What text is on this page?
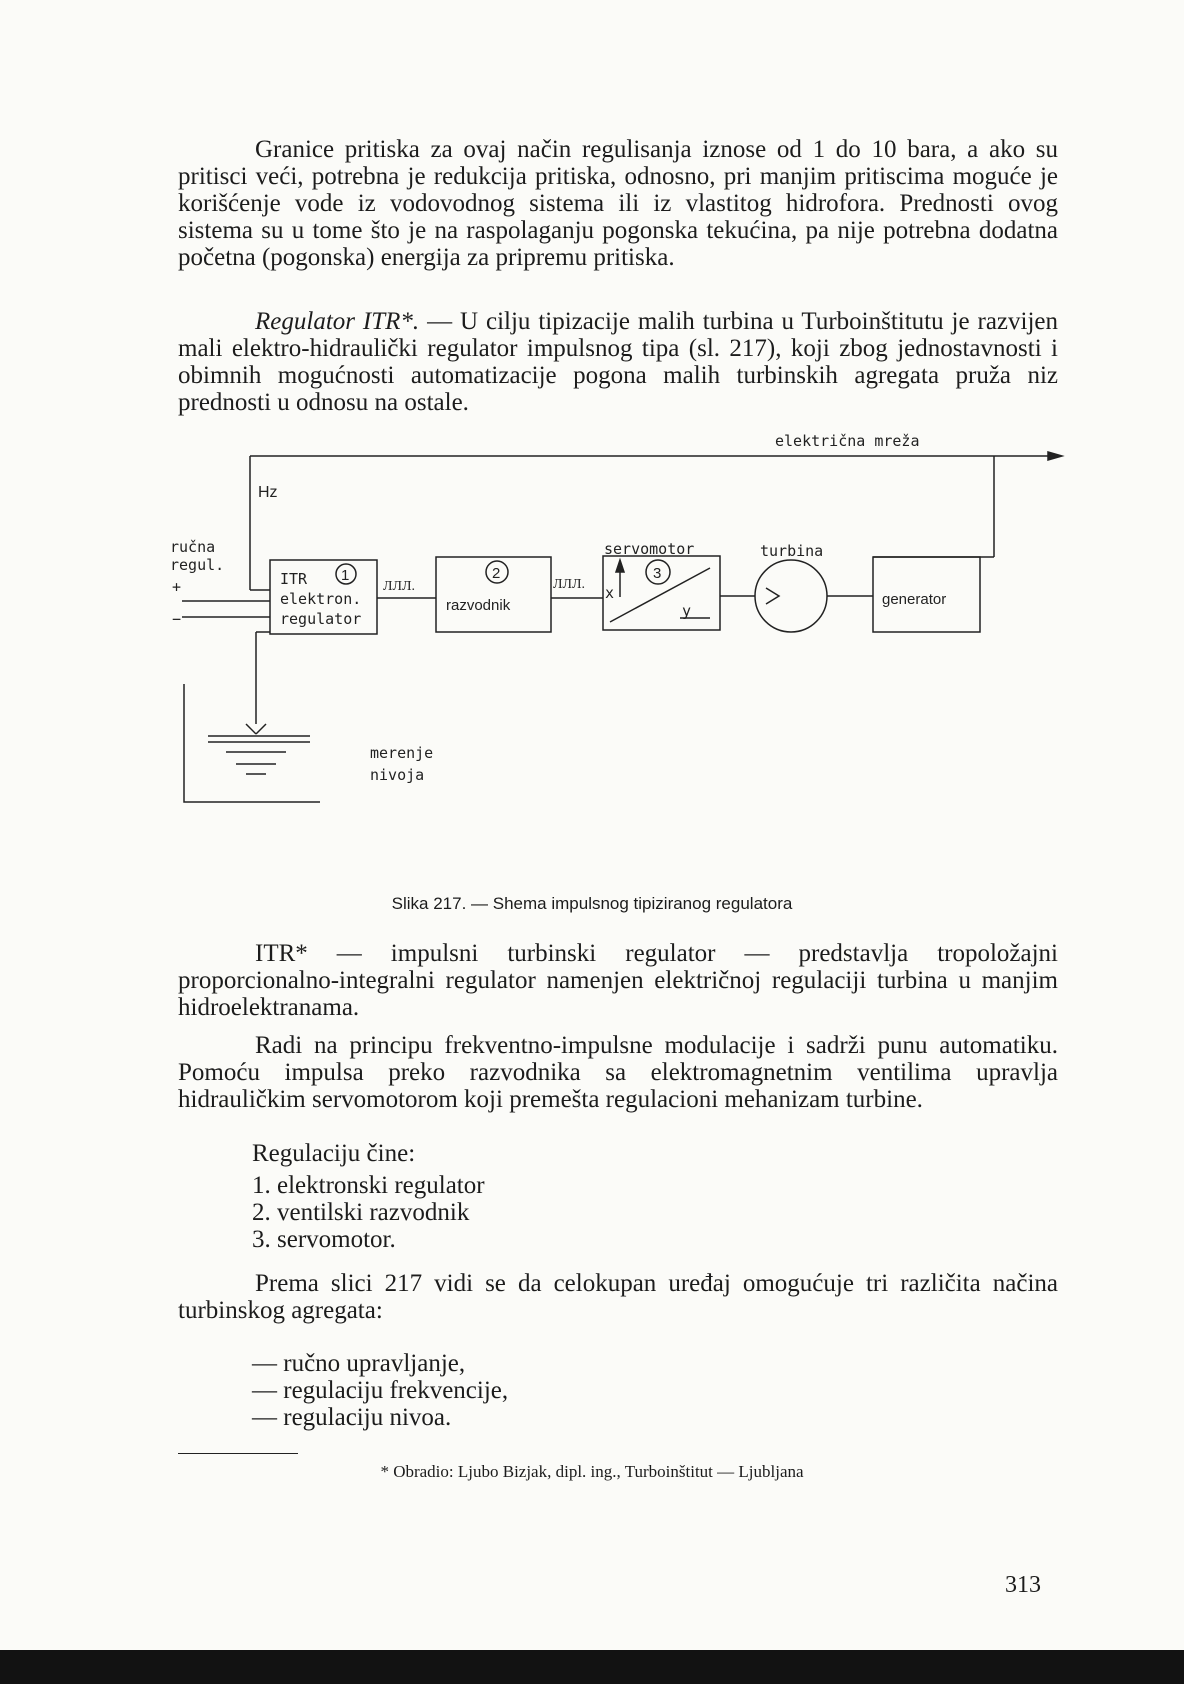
Granice pritiska za ovaj način regulisanja iznose od 1 do 10 bara, a ako su pritisci veći, potrebna je redukcija pritiska, odnosno, pri manjim pritiscima moguće je korišćenje vode iz vodovodnog sistema ili iz vlastitog hidrofora. Prednosti ovog sistema su u tome što je na raspolaganju pogonska tekućina, pa nije potrebna dodatna početna (pogonska) energija za pripremu pritiska.

Regulator ITR*. — U cilju tipizacije malih turbina u Turboinštitutu je razvijen mali elektro-hidraulički regulator impulsnog tipa (sl. 217), koji zbog jednostavnosti i obimnih mogućnosti automatizacije pogona malih turbinskih agregata pruža niz prednosti u odnosu na ostale.

električna mreža
Hz
ručna
regul.
+
−
1
ITR
elektron.
regulator
ЛЛЛ.
2
razvodnik
ЛЛЛ.
servomotor
3
x
y
turbina
generator
merenje
nivoja
Slika 217. — Shema impulsnog tipiziranog regulatora

ITR* — impulsni turbinski regulator — predstavlja tropoložajni proporcionalno-integralni regulator namenjen električnoj regulaciji turbina u manjim hidroelektranama.

Radi na principu frekventno-impulsne modulacije i sadrži punu automatiku. Pomoću impulsa preko razvodnika sa elektromagnetnim ventilima upravlja hidrauličkim servomotorom koji premešta regulacioni mehanizam turbine.

Regulaciju čine:

1. elektronski regulator
2. ventilski razvodnik
3. servomotor.

Prema slici 217 vidi se da celokupan uređaj omogućuje tri različita načina turbinskog agregata:

— ručno upravljanje,
— regulaciju frekvencije,
— regulaciju nivoa.
* Obradio: Ljubo Bizjak, dipl. ing., Turboinštitut — Ljubljana
313
